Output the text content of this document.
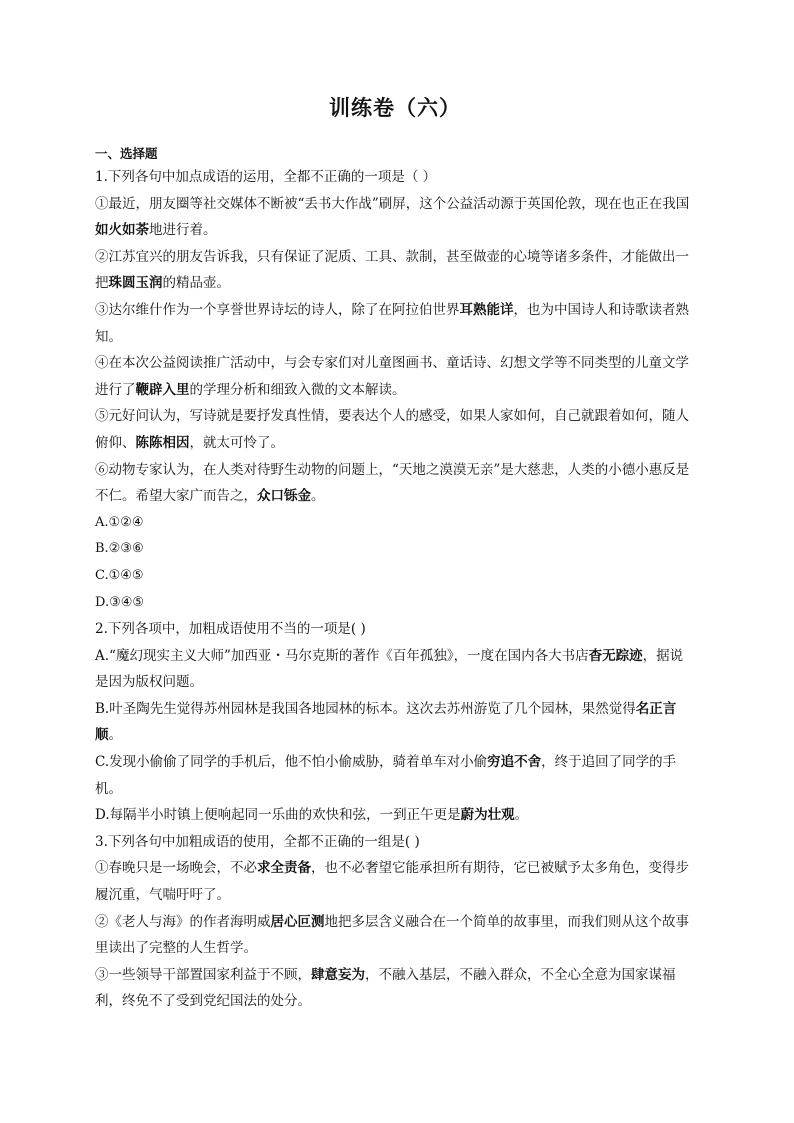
训练卷（六）
一、选择题

1.下列各句中加点成语的运用，全都不正确的一项是（ ）

①最近，朋友圈等社交媒体不断被“丢书大作战”刷屏，这个公益活动源于英国伦敦，现在也正在我国如火如荼地进行着。

②江苏宜兴的朋友告诉我，只有保证了泥质、工具、款制，甚至做壶的心境等诸多条件，才能做出一把珠圆玉润的精品壶。

③达尔维什作为一个享誉世界诗坛的诗人，除了在阿拉伯世界耳熟能详，也为中国诗人和诗歌读者熟知。

④在本次公益阅读推广活动中，与会专家们对儿童图画书、童话诗、幻想文学等不同类型的儿童文学进行了鞭辟入里的学理分析和细致入微的文本解读。

⑤元好问认为，写诗就是要抒发真性情，要表达个人的感受，如果人家如何，自己就跟着如何，随人俯仰、陈陈相因，就太可怜了。

⑥动物专家认为，在人类对待野生动物的问题上，“天地之漠漠无亲”是大慈悲，人类的小德小惠反是不仁。希望大家广而告之，众口铄金。

A.①②④

B.②③⑥

C.①④⑤

D.③④⑤

2.下列各项中，加粗成语使用不当的一项是( )

A.“魔幻现实主义大师”加西亚・马尔克斯的著作《百年孤独》，一度在国内各大书店杳无踪迹，据说是因为版权问题。

B.叶圣陶先生觉得苏州园林是我国各地园林的标本。这次去苏州游览了几个园林，果然觉得名正言顺。

C.发现小偷偷了同学的手机后，他不怕小偷威胁，骑着单车对小偷穷追不舍，终于追回了同学的手机。

D.每隔半小时镇上便响起同一乐曲的欢快和弦，一到正午更是蔚为壮观。

3.下列各句中加粗成语的使用，全都不正确的一组是( )

①春晚只是一场晚会，不必求全责备，也不必奢望它能承担所有期待，它已被赋予太多角色，变得步履沉重，气喘吁吁了。

②《老人与海》的作者海明威居心叵测地把多层含义融合在一个简单的故事里，而我们则从这个故事里读出了完整的人生哲学。

③一些领导干部置国家利益于不顾，肆意妄为，不融入基层，不融入群众，不全心全意为国家谋福利，终免不了受到党纪国法的处分。
